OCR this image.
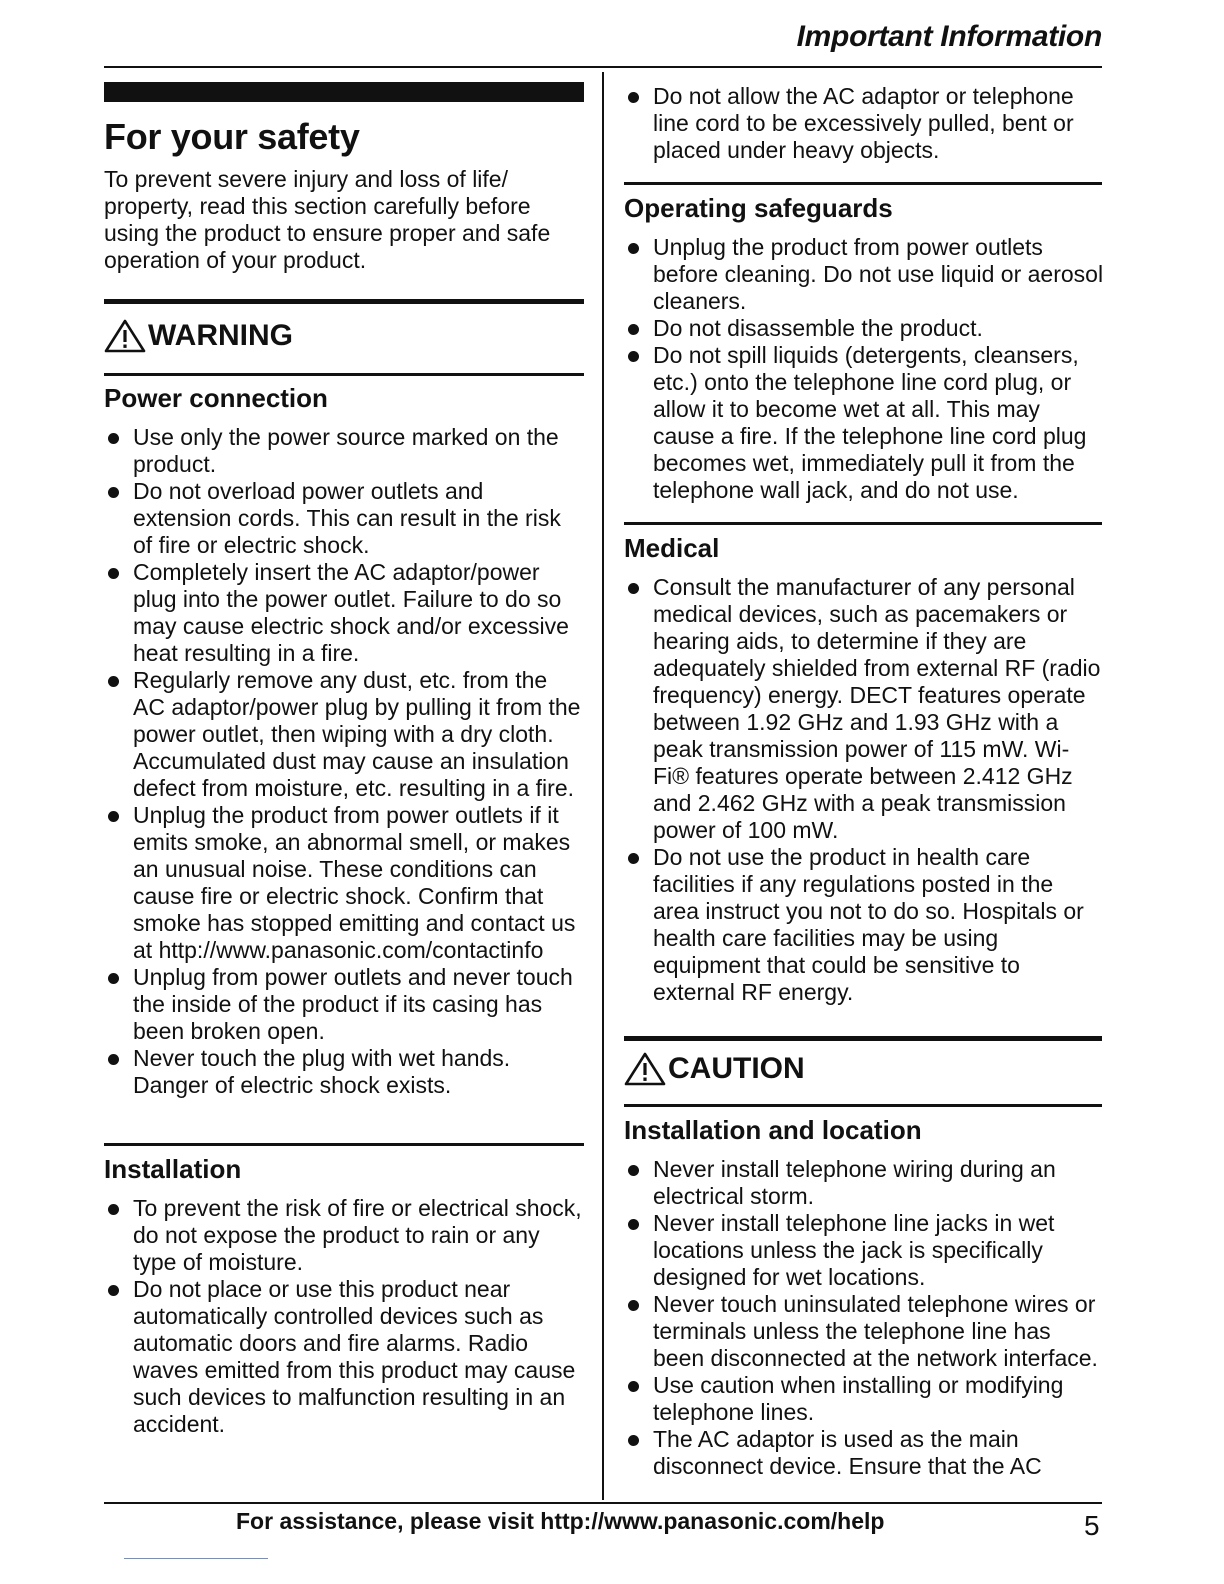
Important Information
For your safety
To prevent severe injury and loss of life/ property, read this section carefully before using the product to ensure proper and safe operation of your product.
WARNING
Power connection
Use only the power source marked on the product.
Do not overload power outlets and extension cords. This can result in the risk of fire or electric shock.
Completely insert the AC adaptor/power plug into the power outlet. Failure to do so may cause electric shock and/or excessive heat resulting in a fire.
Regularly remove any dust, etc. from the AC adaptor/power plug by pulling it from the power outlet, then wiping with a dry cloth. Accumulated dust may cause an insulation defect from moisture, etc. resulting in a fire.
Unplug the product from power outlets if it emits smoke, an abnormal smell, or makes an unusual noise. These conditions can cause fire or electric shock. Confirm that smoke has stopped emitting and contact us at http://www.panasonic.com/contactinfo
Unplug from power outlets and never touch the inside of the product if its casing has been broken open.
Never touch the plug with wet hands. Danger of electric shock exists.
Installation
To prevent the risk of fire or electrical shock, do not expose the product to rain or any type of moisture.
Do not place or use this product near automatically controlled devices such as automatic doors and fire alarms. Radio waves emitted from this product may cause such devices to malfunction resulting in an accident.
Do not allow the AC adaptor or telephone line cord to be excessively pulled, bent or placed under heavy objects.
Operating safeguards
Unplug the product from power outlets before cleaning. Do not use liquid or aerosol cleaners.
Do not disassemble the product.
Do not spill liquids (detergents, cleansers, etc.) onto the telephone line cord plug, or allow it to become wet at all. This may cause a fire. If the telephone line cord plug becomes wet, immediately pull it from the telephone wall jack, and do not use.
Medical
Consult the manufacturer of any personal medical devices, such as pacemakers or hearing aids, to determine if they are adequately shielded from external RF (radio frequency) energy. DECT features operate between 1.92 GHz and 1.93 GHz with a peak transmission power of 115 mW. Wi-Fi® features operate between 2.412 GHz and 2.462 GHz with a peak transmission power of 100 mW.
Do not use the product in health care facilities if any regulations posted in the area instruct you not to do so. Hospitals or health care facilities may be using equipment that could be sensitive to external RF energy.
CAUTION
Installation and location
Never install telephone wiring during an electrical storm.
Never install telephone line jacks in wet locations unless the jack is specifically designed for wet locations.
Never touch uninsulated telephone wires or terminals unless the telephone line has been disconnected at the network interface.
Use caution when installing or modifying telephone lines.
The AC adaptor is used as the main disconnect device. Ensure that the AC
For assistance, please visit http://www.panasonic.com/help	5
